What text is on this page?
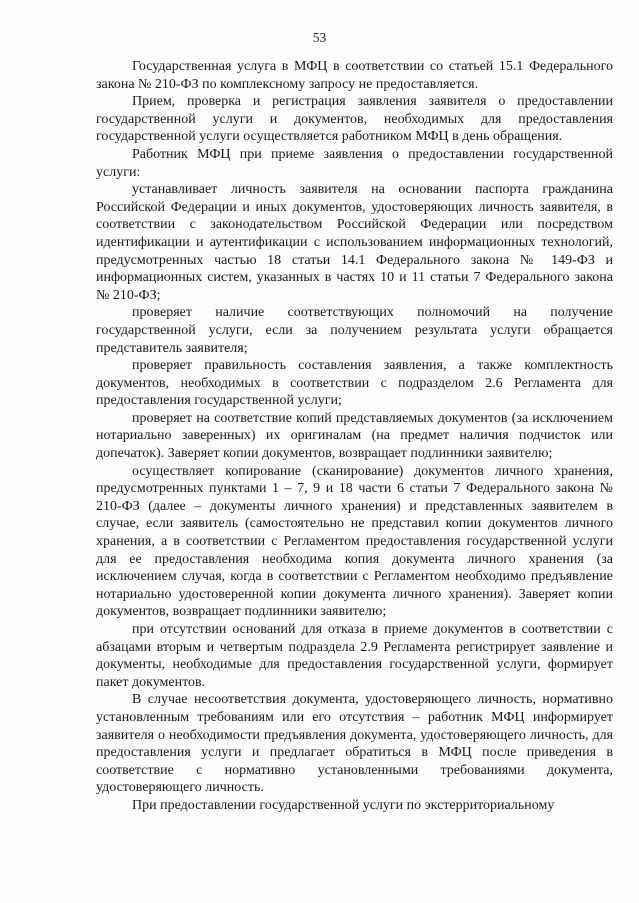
53

Государственная услуга в МФЦ в соответствии со статьей 15.1 Федерального закона № 210-ФЗ по комплексному запросу не предоставляется.

Прием, проверка и регистрация заявления заявителя о предоставлении государственной услуги и документов, необходимых для предоставления государственной услуги осуществляется работником МФЦ в день обращения.

Работник МФЦ при приеме заявления о предоставлении государственной услуги:

устанавливает личность заявителя на основании паспорта гражданина Российской Федерации и иных документов, удостоверяющих личность заявителя, в соответствии с законодательством Российской Федерации или посредством идентификации и аутентификации с использованием информационных технологий, предусмотренных частью 18 статьи 14.1 Федерального закона № 149-ФЗ и информационных систем, указанных в частях 10 и 11 статьи 7 Федерального закона № 210-ФЗ;

проверяет наличие соответствующих полномочий на получение государственной услуги, если за получением результата услуги обращается представитель заявителя;

проверяет правильность составления заявления, а также комплектность документов, необходимых в соответствии с подразделом 2.6 Регламента для предоставления государственной услуги;

проверяет на соответствие копий представляемых документов (за исключением нотариально заверенных) их оригиналам (на предмет наличия подчисток или допечаток). Заверяет копии документов, возвращает подлинники заявителю;

осуществляет копирование (сканирование) документов личного хранения, предусмотренных пунктами 1 – 7, 9 и 18 части 6 статьи 7 Федерального закона № 210-ФЗ (далее – документы личного хранения) и представленных заявителем в случае, если заявитель (самостоятельно не представил копии документов личного хранения, а в соответствии с Регламентом предоставления государственной услуги для ее предоставления необходима копия документа личного хранения (за исключением случая, когда в соответствии с Регламентом необходимо предъявление нотариально удостоверенной копии документа личного хранения). Заверяет копии документов, возвращает подлинники заявителю;

при отсутствии оснований для отказа в приеме документов в соответствии с абзацами вторым и четвертым подраздела 2.9 Регламента регистрирует заявление и документы, необходимые для предоставления государственной услуги, формирует пакет документов.

В случае несоответствия документа, удостоверяющего личность, нормативно установленным требованиям или его отсутствия – работник МФЦ информирует заявителя о необходимости предъявления документа, удостоверяющего личность, для предоставления услуги и предлагает обратиться в МФЦ после приведения в соответствие с нормативно установленными требованиями документа, удостоверяющего личность.

При предоставлении государственной услуги по экстерриториальному
